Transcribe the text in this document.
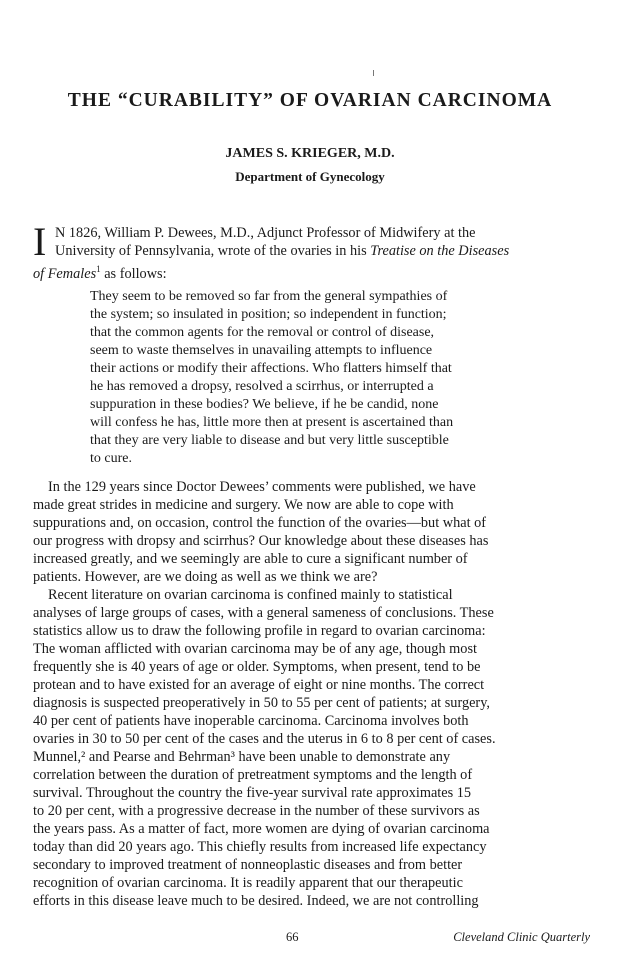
THE “CURABILITY” OF OVARIAN CARCINOMA
JAMES S. KRIEGER, M.D.
Department of Gynecology
I N 1826, William P. Dewees, M.D., Adjunct Professor of Midwifery at the
University of Pennsylvania, wrote of the ovaries in his Treatise on the Diseases
of Females$^1$ as follows:
They seem to be removed so far from the general sympathies of
the system; so insulated in position; so independent in function;
that the common agents for the removal or control of disease,
seem to waste themselves in unavailing attempts to influence
their actions or modify their affections. Who flatters himself that
he has removed a dropsy, resolved a scirrhus, or interrupted a
suppuration in these bodies? We believe, if he be candid, none
will confess he has, little more then at present is ascertained than
that they are very liable to disease and but very little susceptible
to cure.
In the 129 years since Doctor Dewees’ comments were published, we have
made great strides in medicine and surgery. We now are able to cope with
suppurations and, on occasion, control the function of the ovaries—but what of
our progress with dropsy and scirrhus? Our knowledge about these diseases has
increased greatly, and we seemingly are able to cure a significant number of
patients. However, are we doing as well as we think we are?
Recent literature on ovarian carcinoma is confined mainly to statistical
analyses of large groups of cases, with a general sameness of conclusions. These
statistics allow us to draw the following profile in regard to ovarian carcinoma:
The woman afflicted with ovarian carcinoma may be of any age, though most
frequently she is 40 years of age or older. Symptoms, when present, tend to be
protean and to have existed for an average of eight or nine months. The correct
diagnosis is suspected preoperatively in 50 to 55 per cent of patients; at surgery,
40 per cent of patients have inoperable carcinoma. Carcinoma involves both
ovaries in 30 to 50 per cent of the cases and the uterus in 6 to 8 per cent of cases.
Munnel,² and Pearse and Behrman³ have been unable to demonstrate any
correlation between the duration of pretreatment symptoms and the length of
survival. Throughout the country the five-year survival rate approximates 15
to 20 per cent, with a progressive decrease in the number of these survivors as
the years pass. As a matter of fact, more women are dying of ovarian carcinoma
today than did 20 years ago. This chiefly results from increased life expectancy
secondary to improved treatment of nonneoplastic diseases and from better
recognition of ovarian carcinoma. It is readily apparent that our therapeutic
efforts in this disease leave much to be desired. Indeed, we are not controlling
66	Cleveland Clinic Quarterly
